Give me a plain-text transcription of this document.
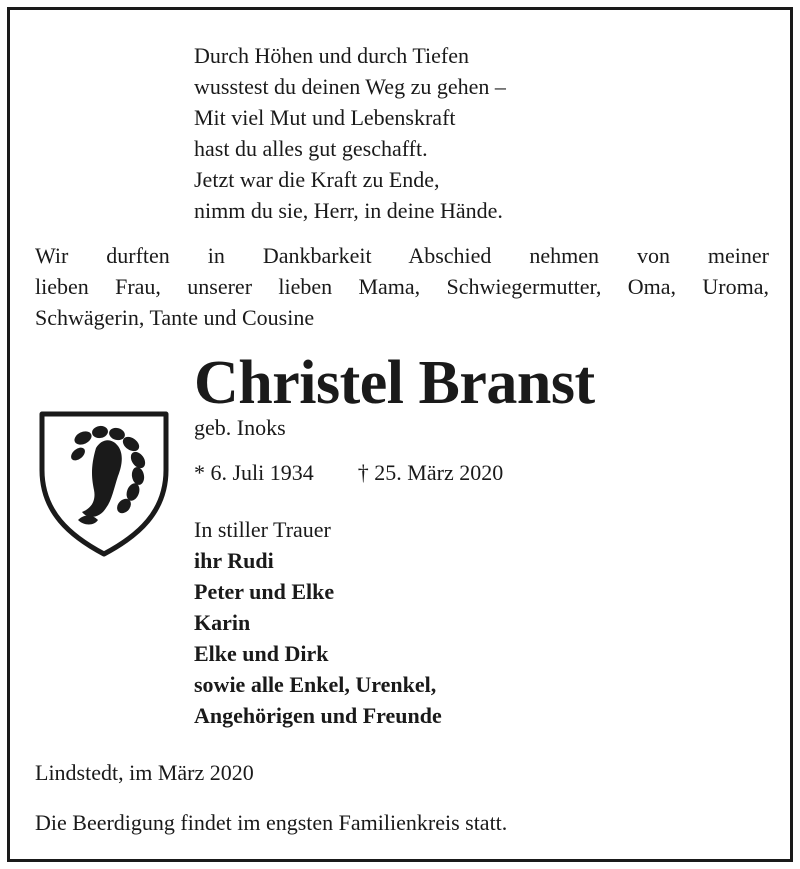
Durch Höhen und durch Tiefen
wusstest du deinen Weg zu gehen –
Mit viel Mut und Lebenskraft
hast du alles gut geschafft.
Jetzt war die Kraft zu Ende,
nimm du sie, Herr, in deine Hände.
Wir durften in Dankbarkeit Abschied nehmen von meiner
lieben Frau, unserer lieben Mama, Schwiegermutter, Oma, Uroma,
Schwägerin, Tante und Cousine
Christel Branst
geb. Inoks
* 6. Juli 1934 † 25. März 2020
In stiller Trauer
ihr Rudi
Peter und Elke
Karin
Elke und Dirk
sowie alle Enkel, Urenkel,
Angehörigen und Freunde
Lindstedt, im März 2020
Die Beerdigung findet im engsten Familienkreis statt.
